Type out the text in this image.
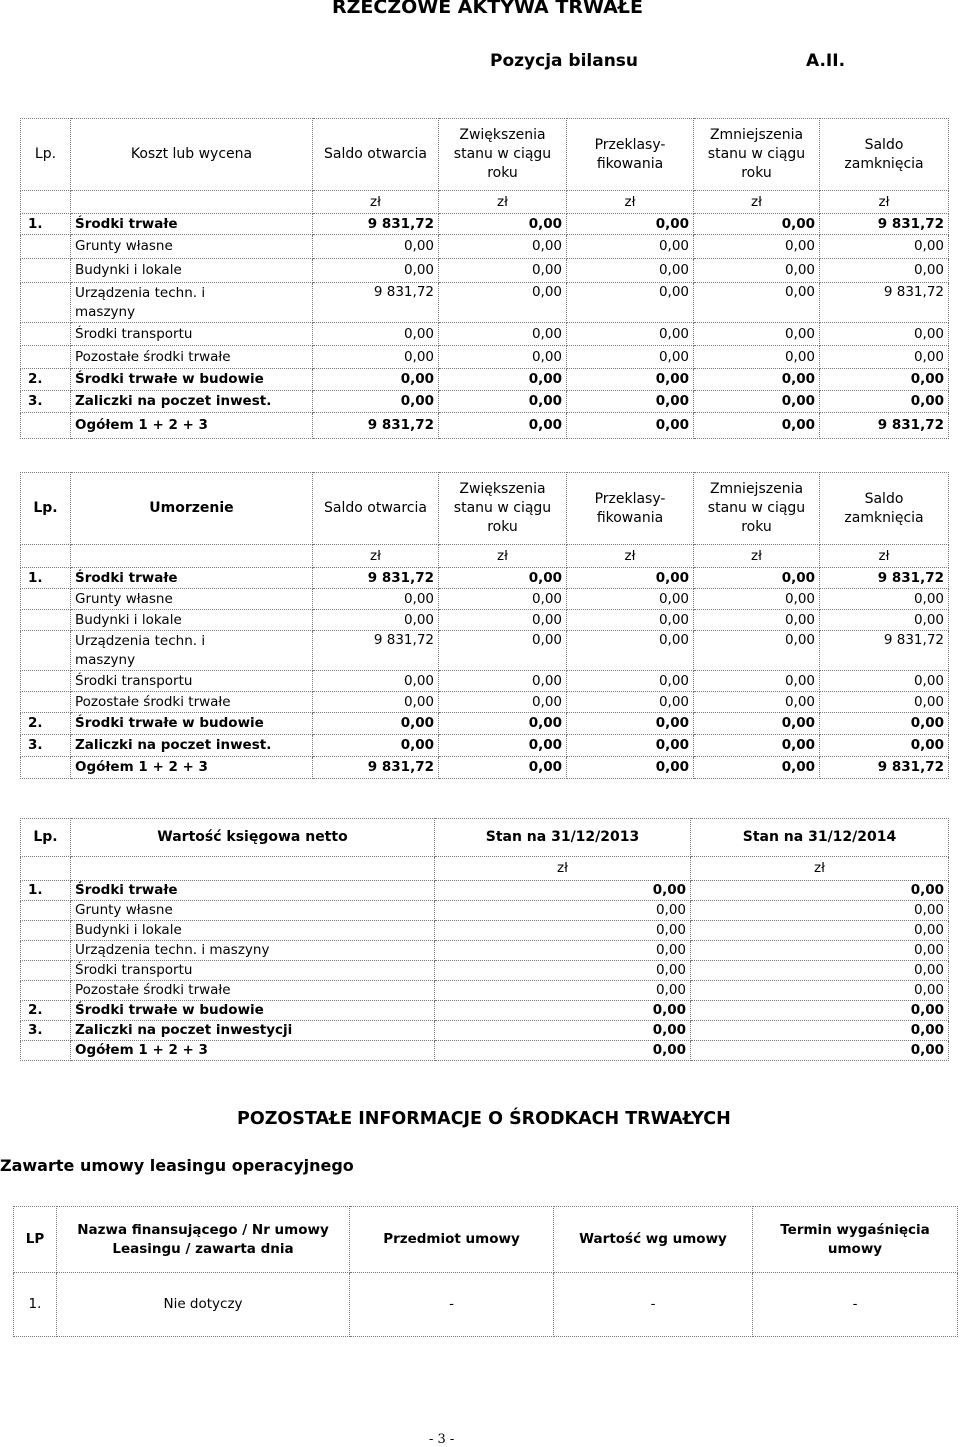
RZECZOWE AKTYWA TRWAŁE
Pozycja bilansu	A.II.
Lp.	Koszt lub wycena	Saldo otwarcia	Zwiększenia stanu w ciągu roku	Przeklasy-fikowania	Zmniejszenia stanu w ciągu roku	Saldo zamknięcia
		zł	zł	zł	zł	zł
1.	Środki trwałe	9 831,72	0,00	0,00	0,00	9 831,72
	Grunty własne	0,00	0,00	0,00	0,00	0,00
	Budynki i lokale	0,00	0,00	0,00	0,00	0,00
	Urządzenia techn. i maszyny	9 831,72	0,00	0,00	0,00	9 831,72
	Środki transportu	0,00	0,00	0,00	0,00	0,00
	Pozostałe środki trwałe	0,00	0,00	0,00	0,00	0,00
2.	Środki trwałe w budowie	0,00	0,00	0,00	0,00	0,00
3.	Zaliczki na poczet inwest.	0,00	0,00	0,00	0,00	0,00
	Ogółem 1 + 2 + 3	9 831,72	0,00	0,00	0,00	9 831,72
Lp.	Umorzenie	Saldo otwarcia	Zwiększenia stanu w ciągu roku	Przeklasy-fikowania	Zmniejszenia stanu w ciągu roku	Saldo zamknięcia
		zł	zł	zł	zł	zł
1.	Środki trwałe	9 831,72	0,00	0,00	0,00	9 831,72
	Grunty własne	0,00	0,00	0,00	0,00	0,00
	Budynki i lokale	0,00	0,00	0,00	0,00	0,00
	Urządzenia techn. i maszyny	9 831,72	0,00	0,00	0,00	9 831,72
	Środki transportu	0,00	0,00	0,00	0,00	0,00
	Pozostałe środki trwałe	0,00	0,00	0,00	0,00	0,00
2.	Środki trwałe w budowie	0,00	0,00	0,00	0,00	0,00
3.	Zaliczki na poczet inwest.	0,00	0,00	0,00	0,00	0,00
	Ogółem 1 + 2 + 3	9 831,72	0,00	0,00	0,00	9 831,72
Lp.	Wartość księgowa netto	Stan na 31/12/2013	Stan na 31/12/2014
		zł	zł
1.	Środki trwałe	0,00	0,00
	Grunty własne	0,00	0,00
	Budynki i lokale	0,00	0,00
	Urządzenia techn. i maszyny	0,00	0,00
	Środki transportu	0,00	0,00
	Pozostałe środki trwałe	0,00	0,00
2.	Środki trwałe w budowie	0,00	0,00
3.	Zaliczki na poczet inwestycji	0,00	0,00
	Ogółem 1 + 2 + 3	0,00	0,00
POZOSTAŁE INFORMACJE O ŚRODKACH TRWAŁYCH
Zawarte umowy leasingu operacyjnego
LP	Nazwa finansującego / Nr umowy Leasingu / zawarta dnia	Przedmiot umowy	Wartość wg umowy	Termin wygaśnięcia umowy
1.	Nie dotyczy	-	-	-
- 3 -
